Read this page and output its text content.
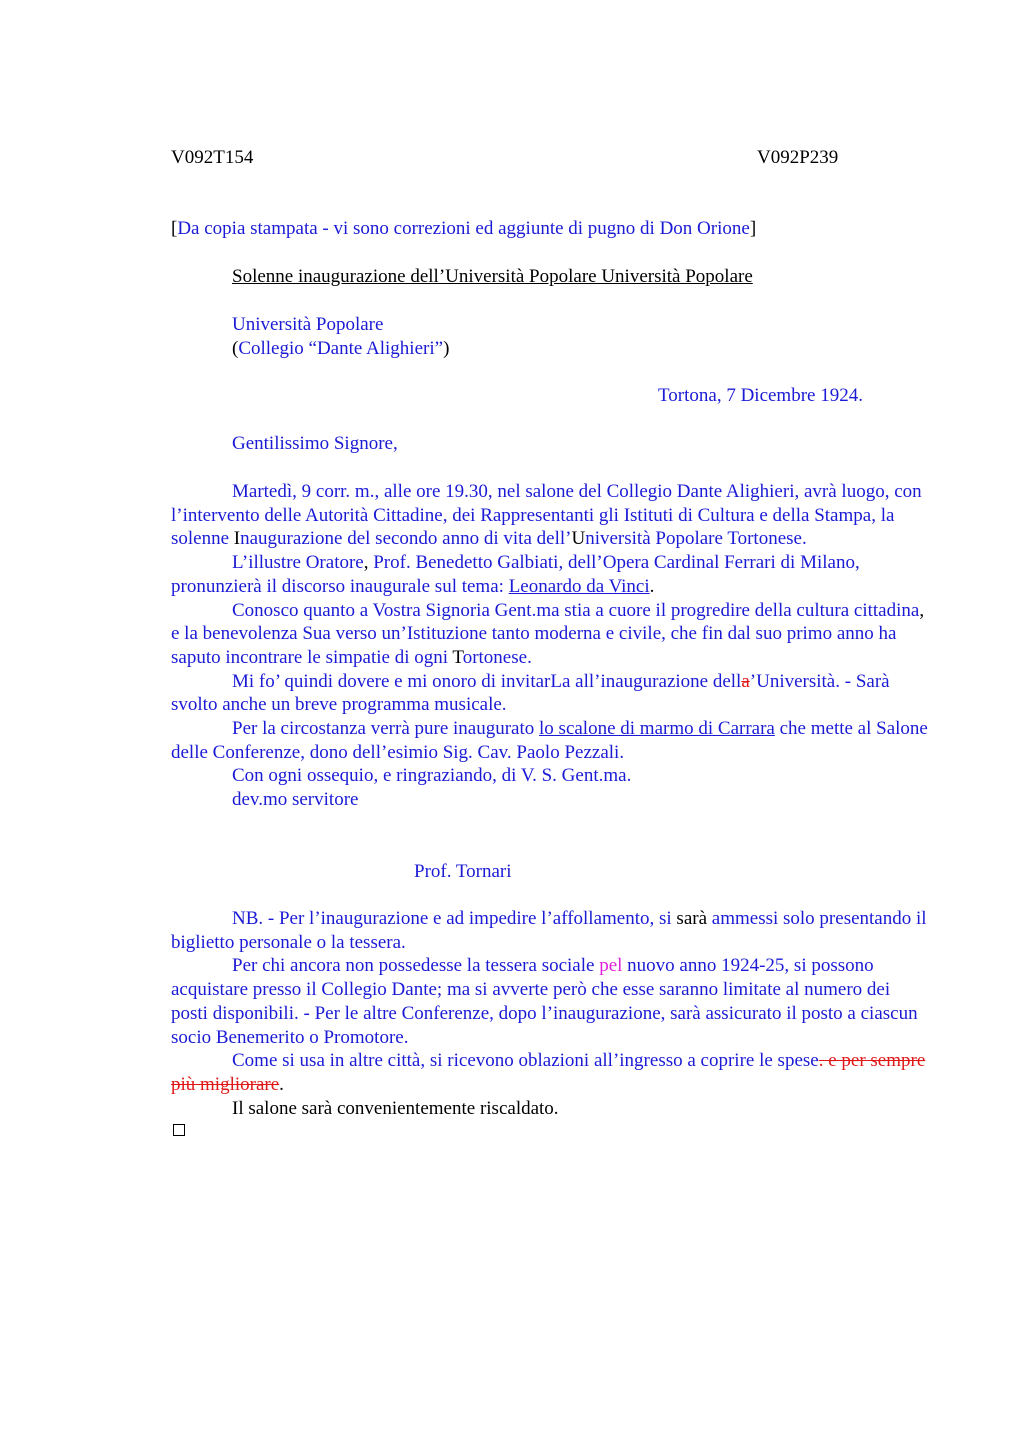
V092T154	V092P239
[Da copia stampata - vi sono correzioni ed aggiunte di pugno di Don Orione]
Solenne inaugurazione dell’Università Popolare Università Popolare
Università Popolare
(Collegio “Dante Alighieri”)
Tortona, 7 Dicembre 1924.
Gentilissimo Signore,

Martedì, 9 corr. m., alle ore 19.30, nel salone del Collegio Dante Alighieri, avrà luogo, con l’intervento delle Autorità Cittadine, dei Rappresentanti gli Istituti di Cultura e della Stampa, la solenne Inaugurazione del secondo anno di vita dell’Università Popolare Tortonese.

L’illustre Oratore, Prof. Benedetto Galbiati, dell’Opera Cardinal Ferrari di Milano, pronunzierà il discorso inaugurale sul tema: Leonardo da Vinci.

Conosco quanto a Vostra Signoria Gent.ma stia a cuore il progredire della cultura cittadina, e la benevolenza Sua verso un’Istituzione tanto moderna e civile, che fin dal suo primo anno ha saputo incontrare le simpatie di ogni Tortonese.

Mi fo’ quindi dovere e mi onoro di invitarLa all’inaugurazione della’Università. - Sarà svolto anche un breve programma musicale.

Per la circostanza verrà pure inaugurato lo scalone di marmo di Carrara che mette al Salone delle Conferenze, dono dell’esimio Sig. Cav. Paolo Pezzali.

Con ogni ossequio, e ringraziando, di V. S. Gent.ma.

dev.mo servitore

Prof. Tornari

NB. - Per l’inaugurazione e ad impedire l’affollamento, si sarà ammessi solo presentando il biglietto personale o la tessera.

Per chi ancora non possedesse la tessera sociale pel nuovo anno 1924-25, si possono acquistare presso il Collegio Dante; ma si avverte però che esse saranno limitate al numero dei posti disponibili. - Per le altre Conferenze, dopo l’inaugurazione, sarà assicurato il posto a ciascun socio Benemerito o Promotore.

Come si usa in altre città, si ricevono oblazioni all’ingresso a coprire le spese. e per sempre più migliorare.

Il salone sarà convenientemente riscaldato.
